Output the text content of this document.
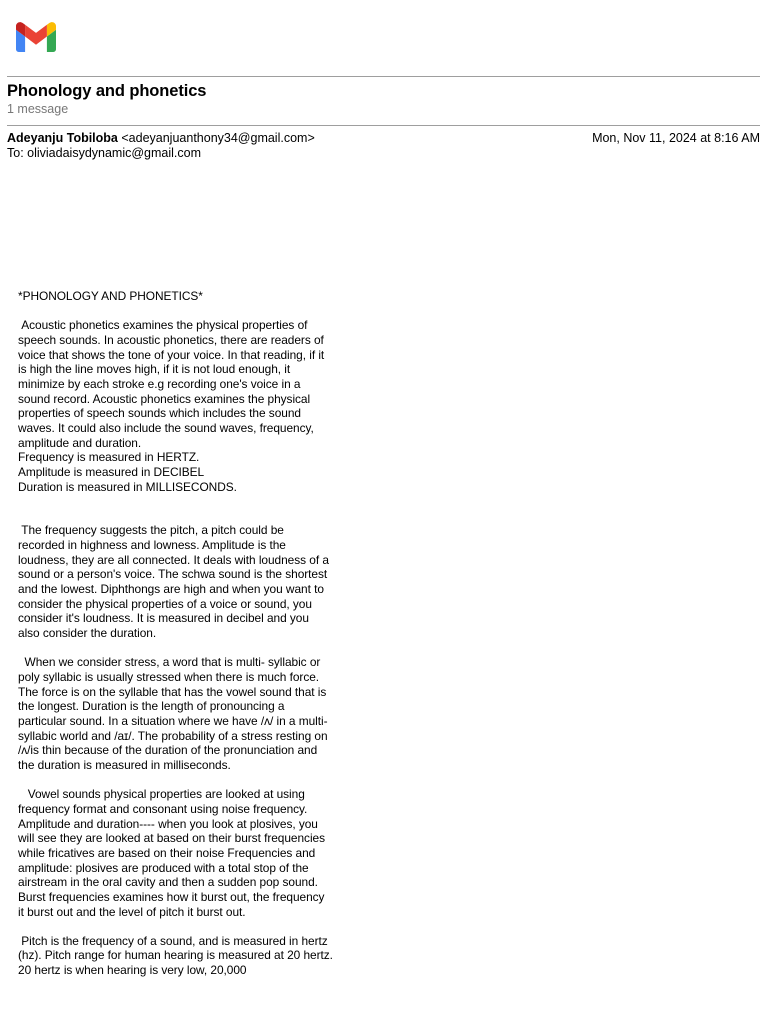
Phonology and phonetics
1 message
Adeyanju Tobiloba <adeyanjuanthony34@gmail.com>
To: oliviadaisydynamic@gmail.com
Mon, Nov 11, 2024 at 8:16 AM

*PHONOLOGY AND PHONETICS*

Acoustic phonetics examines the physical properties of speech sounds. In acoustic phonetics, there are readers of voice that shows the tone of your voice. In that reading, if it is high the line moves high, if it is not loud enough, it minimize by each stroke e.g recording one's voice in a sound record. Acoustic phonetics examines the physical properties of speech sounds which includes the sound waves. It could also include the sound waves, frequency, amplitude and duration.
Frequency is measured in HERTZ.
Amplitude is measured in DECIBEL
Duration is measured in MILLISECONDS.

The frequency suggests the pitch, a pitch could be recorded in highness and lowness. Amplitude is the loudness, they are all connected. It deals with loudness of a sound or a person's voice. The schwa sound is the shortest and the lowest. Diphthongs are high and when you want to consider the physical properties of a voice or sound, you consider it's loudness. It is measured in decibel and you also consider the duration.

When we consider stress, a word that is multi- syllabic or poly syllabic is usually stressed when there is much force. The force is on the syllable that has the vowel sound that is the longest. Duration is the length of pronouncing a particular sound. In a situation where we have /ʌ/ in a multi- syllabic world and /aɪ/. The probability of a stress resting on /ʌ/is thin because of the duration of the pronunciation and the duration is measured in milliseconds.

Vowel sounds physical properties are looked at using frequency format and consonant using noise frequency. Amplitude and duration---- when you look at plosives, you will see they are looked at based on their burst frequencies while fricatives are based on their noise Frequencies and amplitude: plosives are produced with a total stop of the airstream in the oral cavity and then a sudden pop sound. Burst frequencies examines how it burst out, the frequency it burst out and the level of pitch it burst out.

Pitch is the frequency of a sound, and is measured in hertz (hz). Pitch range for human hearing is measured at 20 hertz. 20 hertz is when hearing is very low, 20,000
